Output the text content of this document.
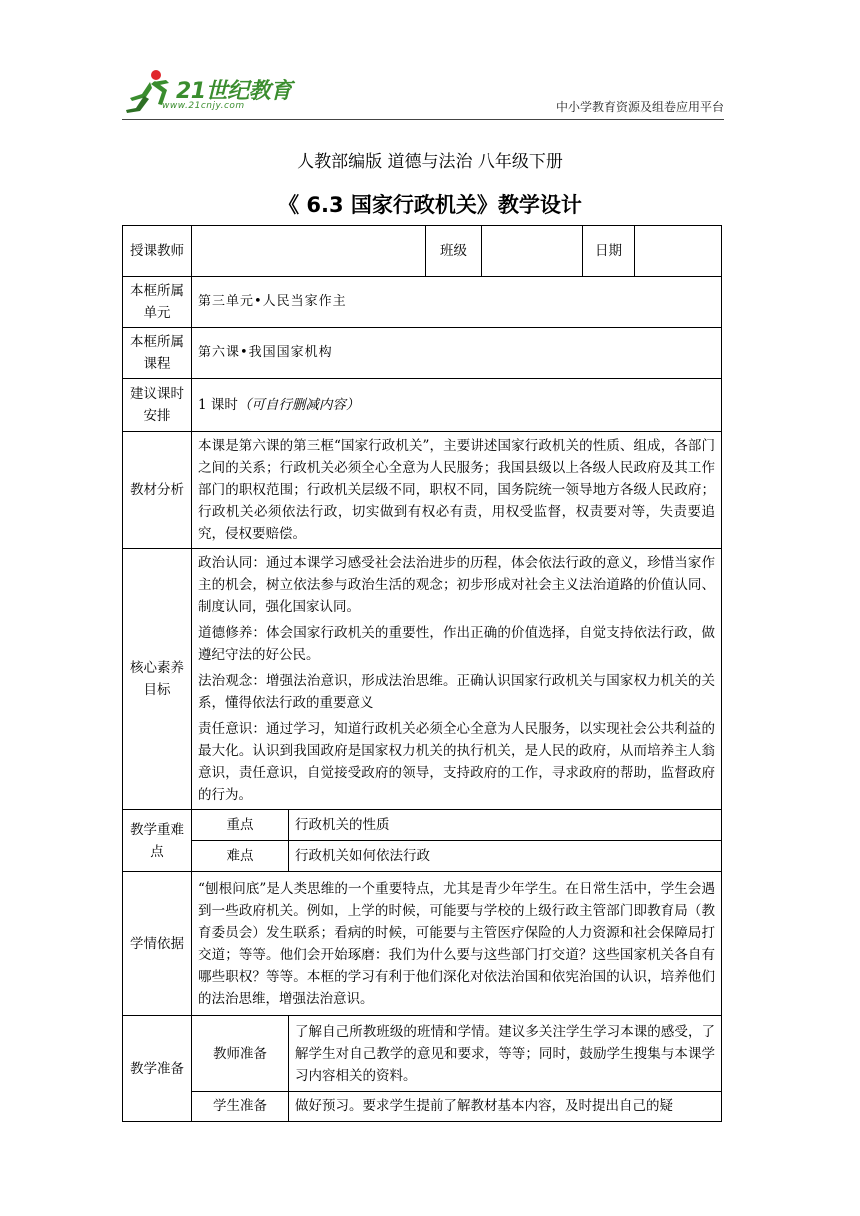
21世纪教育
www.21cnjy.com	中小学教育资源及组卷应用平台
人教部编版 道德与法治 八年级下册
《 6.3 国家行政机关》教学设计
授课教师			班级		日期	
本框所属单元	第三单元•人民当家作主					
本框所属课程	第六课•我国国家机构					
建议课时安排	1 课时（可自行删减内容）					
教材分析	本课是第六课的第三框“国家行政机关”，主要讲述国家行政机关的性质、组成，各部门之间的关系；行政机关必须全心全意为人民服务；我国县级以上各级人民政府及其工作部门的职权范围；行政机关层级不同，职权不同，国务院统一领导地方各级人民政府；行政机关必须依法行政，切实做到有权必有责，用权受监督，权责要对等，失责要追究，侵权要赔偿。					
核心素养目标	政治认同：通过本课学习感受社会法治进步的历程，体会依法行政的意义，珍惜当家作主的机会，树立依法参与政治生活的观念；初步形成对社会主义法治道路的价值认同、制度认同，强化国家认同。

道德修养：体会国家行政机关的重要性，作出正确的价值选择，自觉支持依法行政，做遵纪守法的好公民。

法治观念：增强法治意识，形成法治思维。正确认识国家行政机关与国家权力机关的关系，懂得依法行政的重要意义

责任意识：通过学习，知道行政机关必须全心全意为人民服务，以实现社会公共利益的最大化。认识到我国政府是国家权力机关的执行机关，是人民的政府，从而培养主人翁意识，责任意识，自觉接受政府的领导，支持政府的工作，寻求政府的帮助，监督政府的行为。					

教学重难点	重点	行政机关的性质				
	难点	行政机关如何依法行政				
学情依据	“刨根问底”是人类思维的一个重要特点，尤其是青少年学生。在日常生活中，学生会遇到一些政府机关。例如，上学的时候，可能要与学校的上级行政主管部门即教育局（教育委员会）发生联系；看病的时候，可能要与主管医疗保险的人力资源和社会保障局打交道；等等。他们会开始琢磨：我们为什么要与这些部门打交道？这些国家机关各自有哪些职权？等等。本框的学习有利于他们深化对依法治国和依宪治国的认识，培养他们的法治思维，增强法治意识。					
教学准备	教师准备	了解自己所教班级的班情和学情。建议多关注学生学习本课的感受，了解学生对自己教学的意见和要求，等等；同时，鼓励学生搜集与本课学习内容相关的资料。				
	学生准备	做好预习。要求学生提前了解教材基本内容，及时提出自己的疑				
